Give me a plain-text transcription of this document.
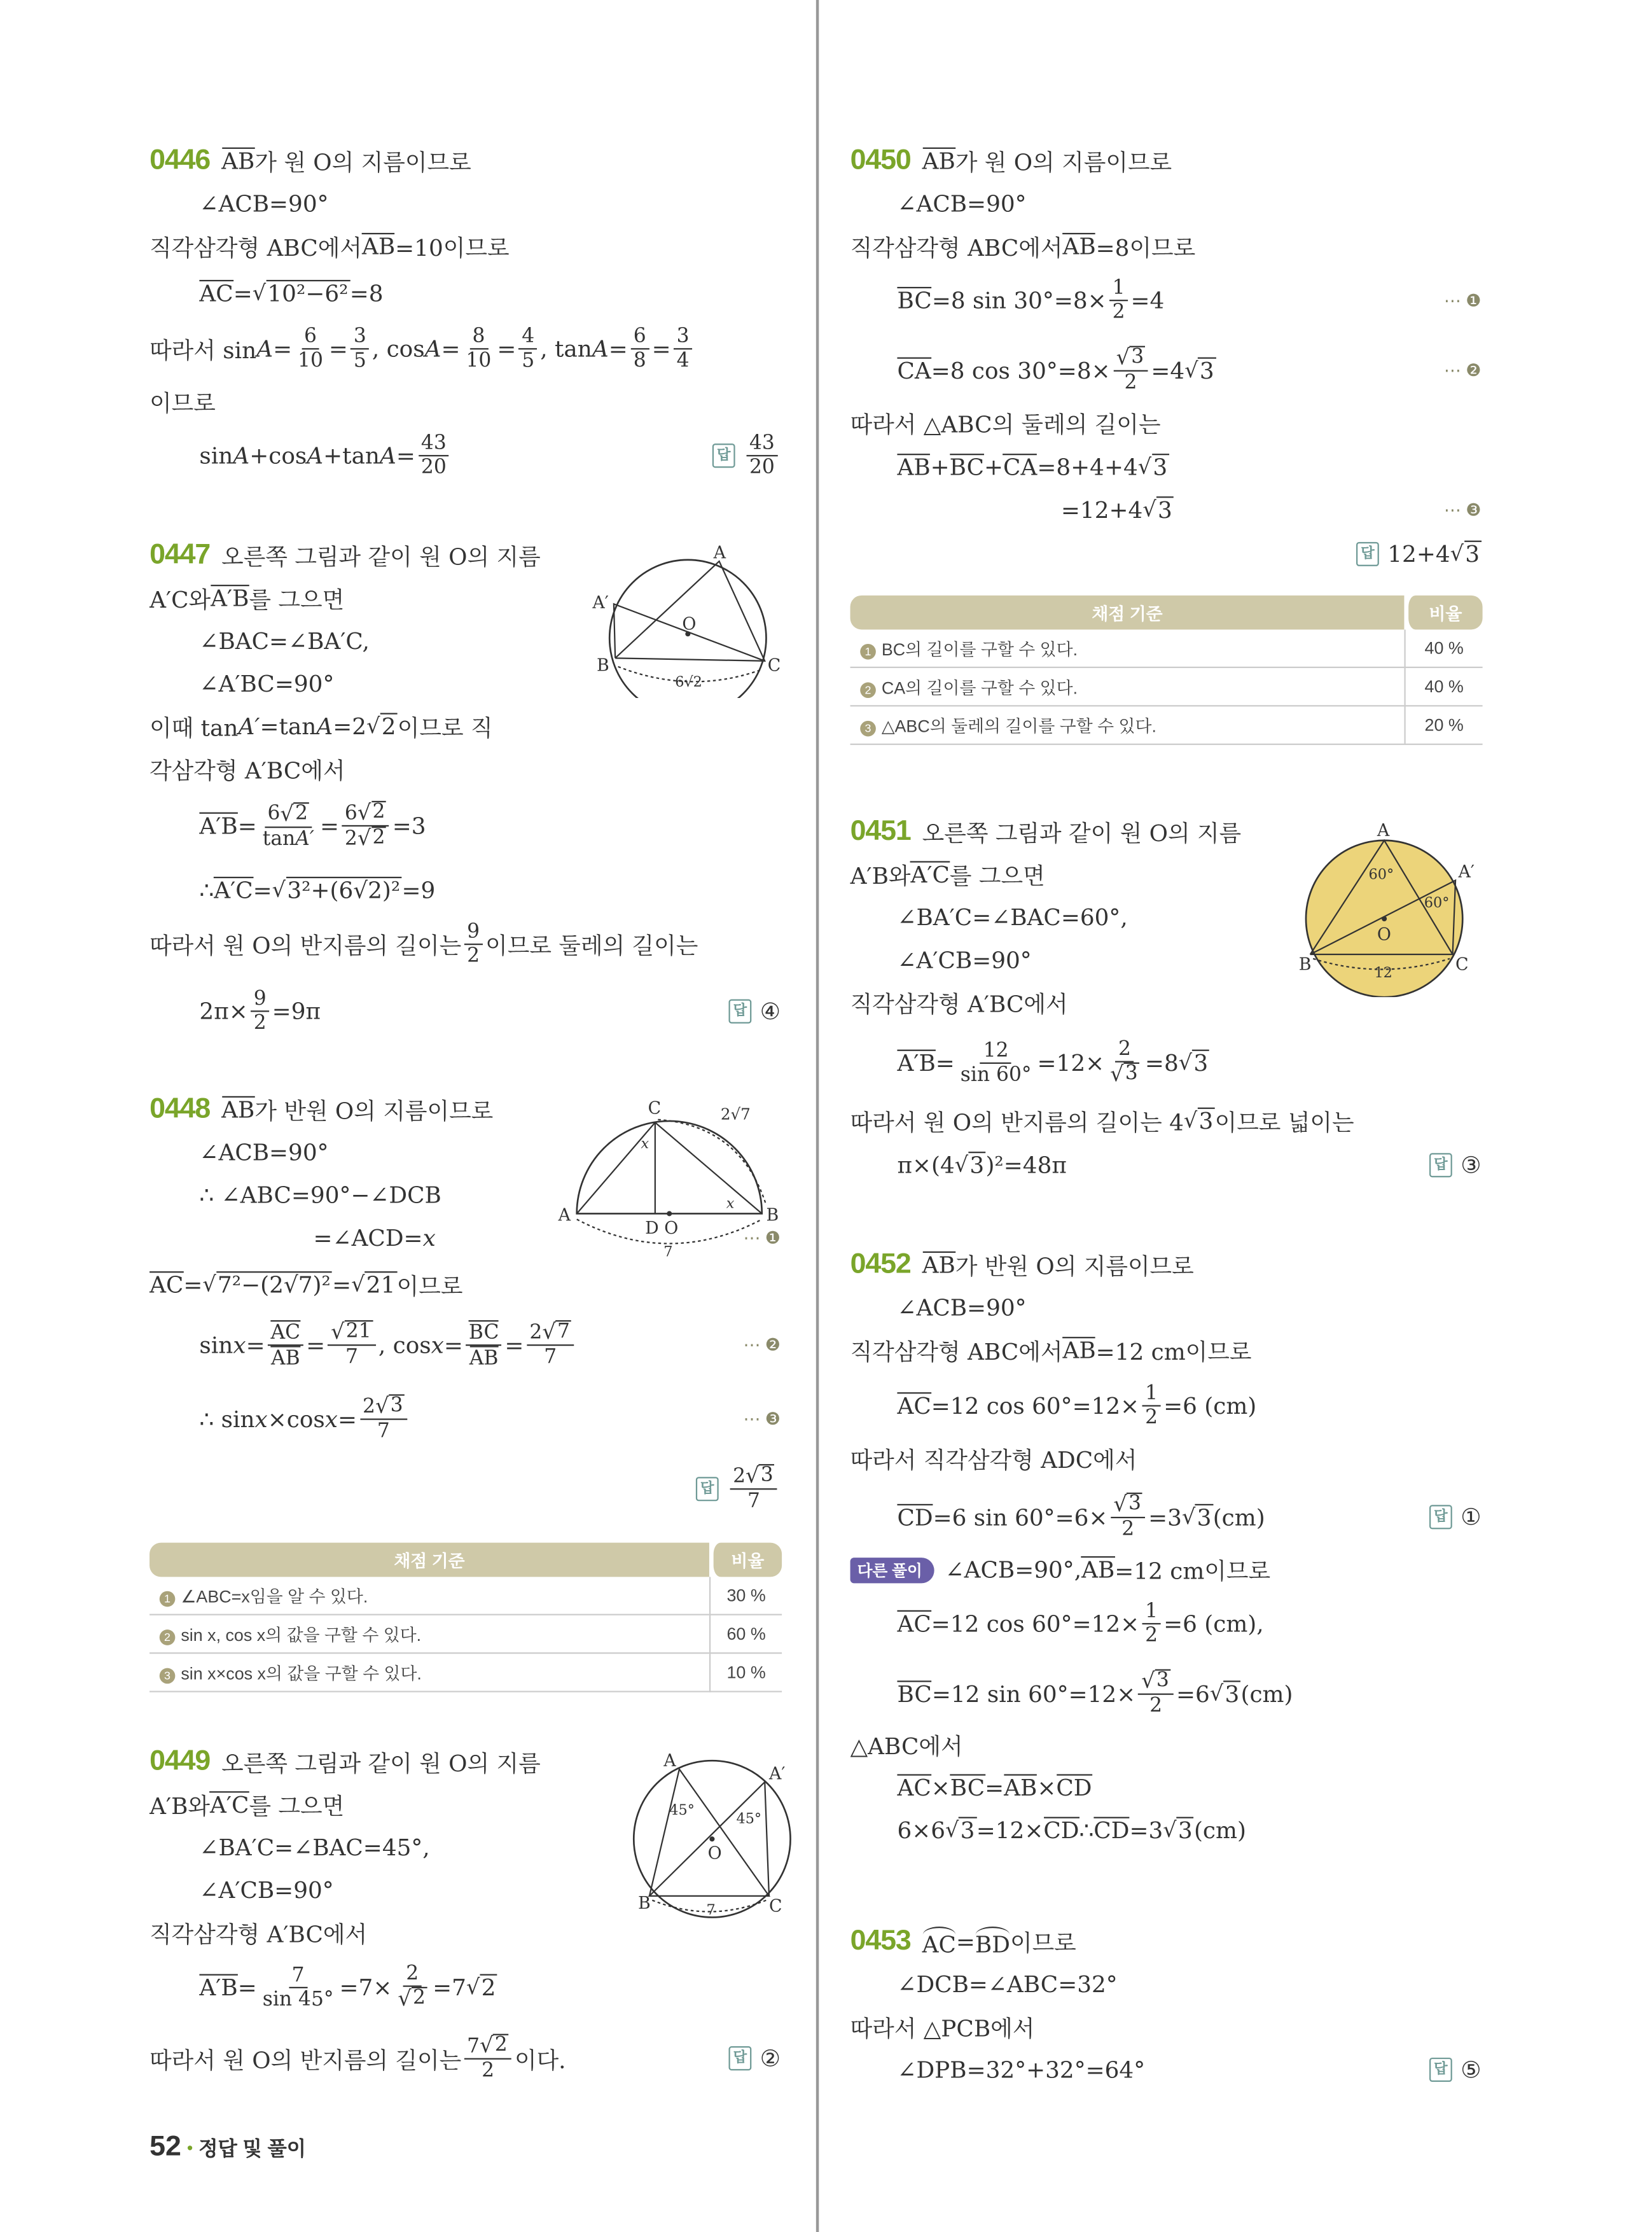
A
A′
O
B	C
6√2
A	B
C
D O
x
x
2√7
7
A
A′
O
B	C
45°
45°
7
A
A′
O
B	C
60°
60°
12
채점 기준	비율
1 ∠ABC=x임을 알 수 있다.	30 %
2 sin x, cos x의 값을 구할 수 있다.	60 %
3 sin x×cos x의 값을 구할 수 있다.	10 %
채점 기준	비율
1 BC의 길이를 구할 수 있다.	40 %
2 CA의 길이를 구할 수 있다.	40 %
3 △ABC의 둘레의 길이를 구할 수 있다.	20 %
52 • 정답 및 풀이
0446 AB 가 원 O의 지름이므로
∠ACB=90°
직각삼각형 ABC에서 AB =10이므로
AC = √ 10²−6² =8
따라서 $\sin A = \frac{6}{10} = \frac{3}{5}$ , $\cos A = \frac{8}{10} = \frac{4}{5}$ , $\tan A = \frac{6}{8} = \frac{3}{4}$
이므로
sin A +cos A +tan $A = \frac{43}{20}$	답	$\frac{43}{20}$
0447 오른쪽 그림과 같이 원 O의 지름
A′C와 A′B 를 그으면
∠BAC=∠BA′C,
∠A′BC=90°
이때 tan A′ =tan A =2 √ 2 이므로 직
각삼각형 A′BC에서
$A'B = \frac{6 √ 2}{\text{tan A′}} = \frac{6 √ 2}{2 √ 2} =3$
∴ A′C = √ 3²+(6√2)² =9
따라서 원 O의 반지름의 길이는 $\frac{9}{2}$ 이므로 둘레의 길이는
$2\pi\times \frac{9}{2} =9\pi$	답	④
0448 AB 가 반원 O의 지름이므로
∠ACB=90°
∴ ∠ABC=90°−∠DCB
=∠ACD= x	⋯ ❶
AC = √ 7²−(2√7)² = √ 21 이므로
$\sin x = \frac{AC}{AB} = \frac{√ 21}{7}$ , $\cos x = \frac{BC}{AB} = \frac{2 √ 7}{7}$	⋯ ❷
∴ sin x ×cos $x = \frac{2 √ 3}{7}$	⋯ ❸
답	$\frac{2 √ 3}{7}$
0449 오른쪽 그림과 같이 원 O의 지름
A′B와 A′C 를 그으면
∠BA′C=∠BAC=45°,
∠A′CB=90°
직각삼각형 A′BC에서
$A'B = \frac{7}{\sin 45^\circ} =7\times \frac{2}{√ 2} =7$ √ 2
따라서 원 O의 반지름의 길이는 $\frac{7 √ 2}{2}$ 이다.	답	②
0450 AB 가 원 O의 지름이므로
∠ACB=90°
직각삼각형 ABC에서 AB =8이므로
BC =8 $\sin 30^\circ=8\times \frac{1}{2} =4$	⋯ ❶
CA =8 $\cos 30^\circ=8\times \frac{√ 3}{2} =4$ √ 3	⋯ ❷
따라서 △ABC의 둘레의 길이는
AB + BC + CA =8+4+4 √ 3
=12+4 √ 3	⋯ ❸
답	12+4 √ 3
0451 오른쪽 그림과 같이 원 O의 지름
A′B와 A′C 를 그으면
∠BA′C=∠BAC=60°,
∠A′CB=90°
직각삼각형 A′BC에서
$A'B = \frac{12}{\sin 60^\circ} =12\times \frac{2}{√ 3} =8$ √ 3
따라서 원 O의 반지름의 길이는 4 √ 3 이므로 넓이는
π×(4 √ 3 )²=48π	답	③
0452 AB 가 반원 O의 지름이므로
∠ACB=90°
직각삼각형 ABC에서 AB =12 cm이므로
AC =12 $\cos 60^\circ=12\times \frac{1}{2} =6$ (cm)
따라서 직각삼각형 ADC에서
CD =6 $\sin 60^\circ=6\times \frac{√ 3}{2} =3$ √ 3 (cm)
다른 풀이	∠ACB=90°, AB =12 cm이므로
AC =12 $\cos 60^\circ=12\times \frac{1}{2} =6$ (cm),
BC =12 $\sin 60^\circ=12\times \frac{√ 3}{2} =6$ √ 3 (cm)
△ABC에서
AC × BC = AB × CD
6×6 √ 3 =12× CD ∴ CD =3 √ 3 (cm)
답	①
0453 AC = BD 이므로
∠DCB=∠ABC=32°
따라서 △PCB에서
∠DPB=32°+32°=64°	답	⑤
